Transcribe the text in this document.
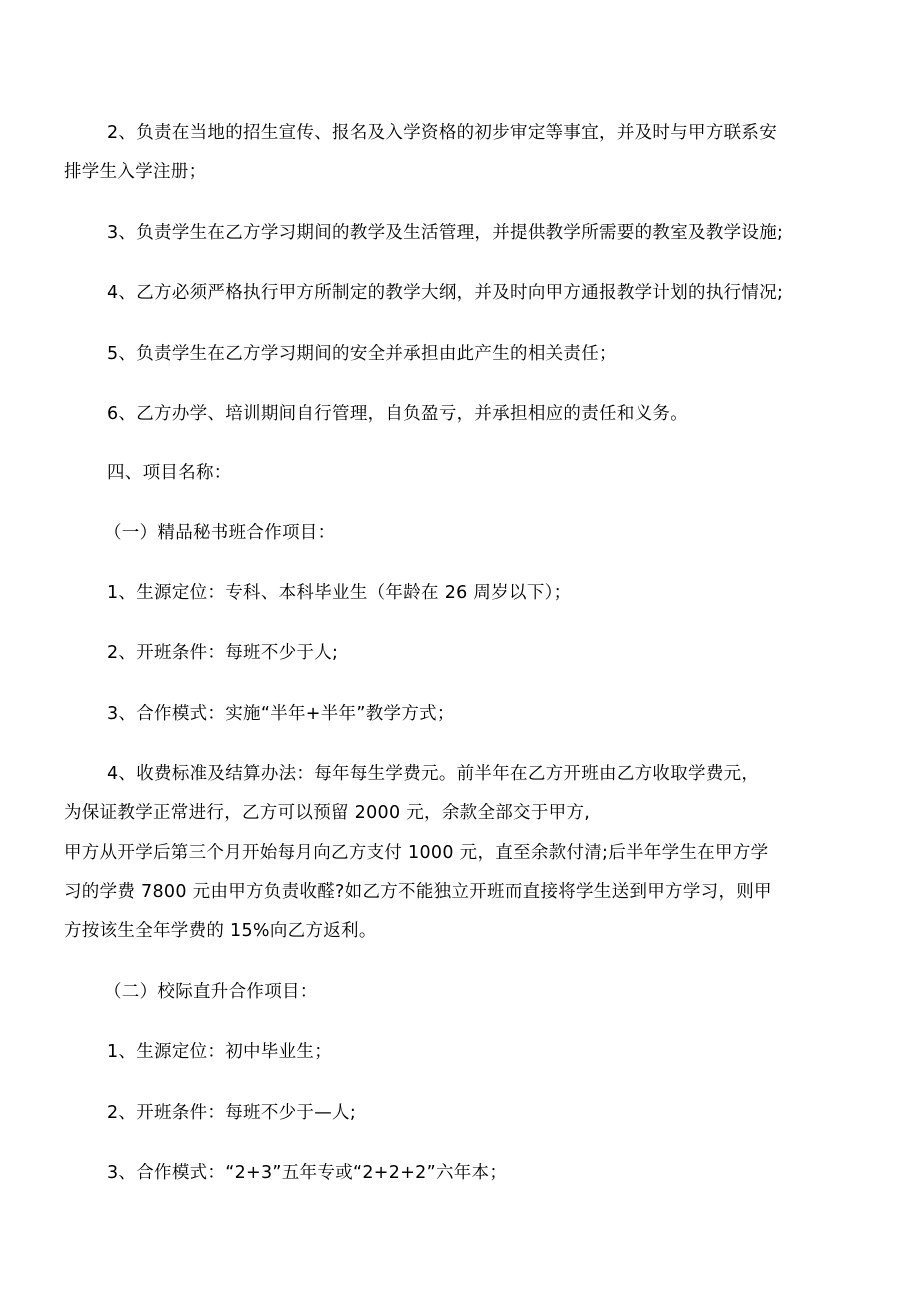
2、负责在当地的招生宣传、报名及入学资格的初步审定等事宜，并及时与甲方联系安

排学生入学注册；

3、负责学生在乙方学习期间的教学及生活管理，并提供教学所需要的教室及教学设施;

4、乙方必须严格执行甲方所制定的教学大纲，并及时向甲方通报教学计划的执行情况;

5、负责学生在乙方学习期间的安全并承担由此产生的相关责任；

6、乙方办学、培训期间自行管理，自负盈亏，并承担相应的责任和义务。

四、项目名称：

（一）精品秘书班合作项目：

1、生源定位：专科、本科毕业生（年龄在 26 周岁以下）；

2、开班条件：每班不少于人;

3、合作模式：实施“半年+半年”教学方式；

4、收费标准及结算办法：每年每生学费元。前半年在乙方开班由乙方收取学费元，

为保证教学正常进行，乙方可以预留 2000 元，余款全部交于甲方,

甲方从开学后第三个月开始每月向乙方支付 1000 元，直至余款付清;后半年学生在甲方学

习的学费 7800 元由甲方负责收醛?如乙方不能独立开班而直接将学生送到甲方学习，则甲

方按该生全年学费的 15%向乙方返利。

（二）校际直升合作项目：

1、生源定位：初中毕业生；

2、开班条件：每班不少于—人;

3、合作模式：“2+3”五年专或“2+2+2”六年本；
